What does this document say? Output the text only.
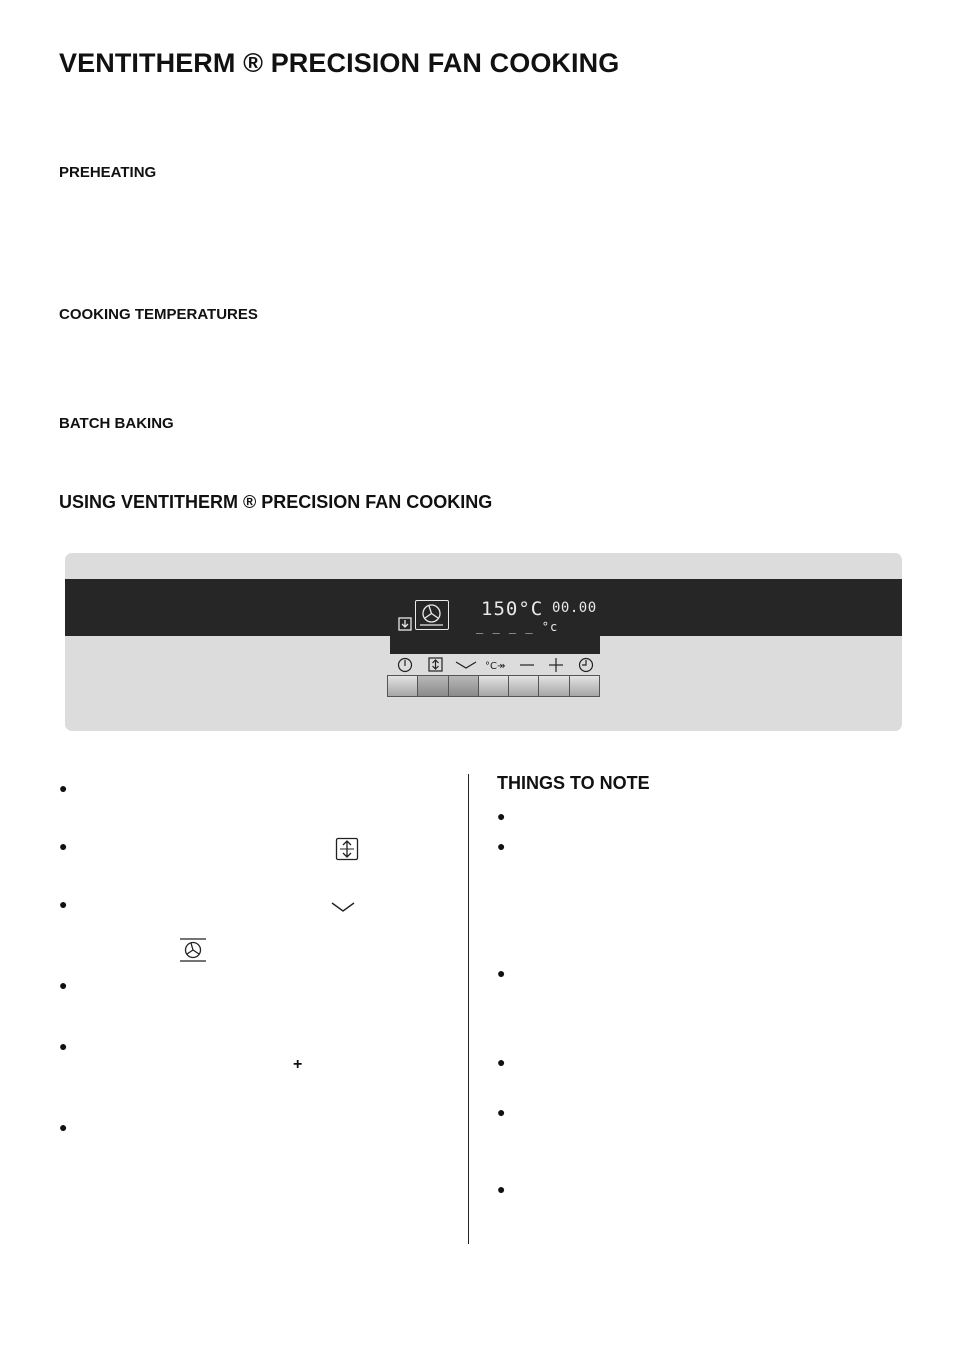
VENTITHERM ® PRECISION FAN COOKING
PREHEATING
COOKING TEMPERATURES
BATCH BAKING
USING VENTITHERM ® PRECISION FAN COOKING
150°C 00.00
_ _ _ _ °c
°C↠
●
●
●
●
●
+
●
THINGS TO NOTE
●
●
●
●
●
●
